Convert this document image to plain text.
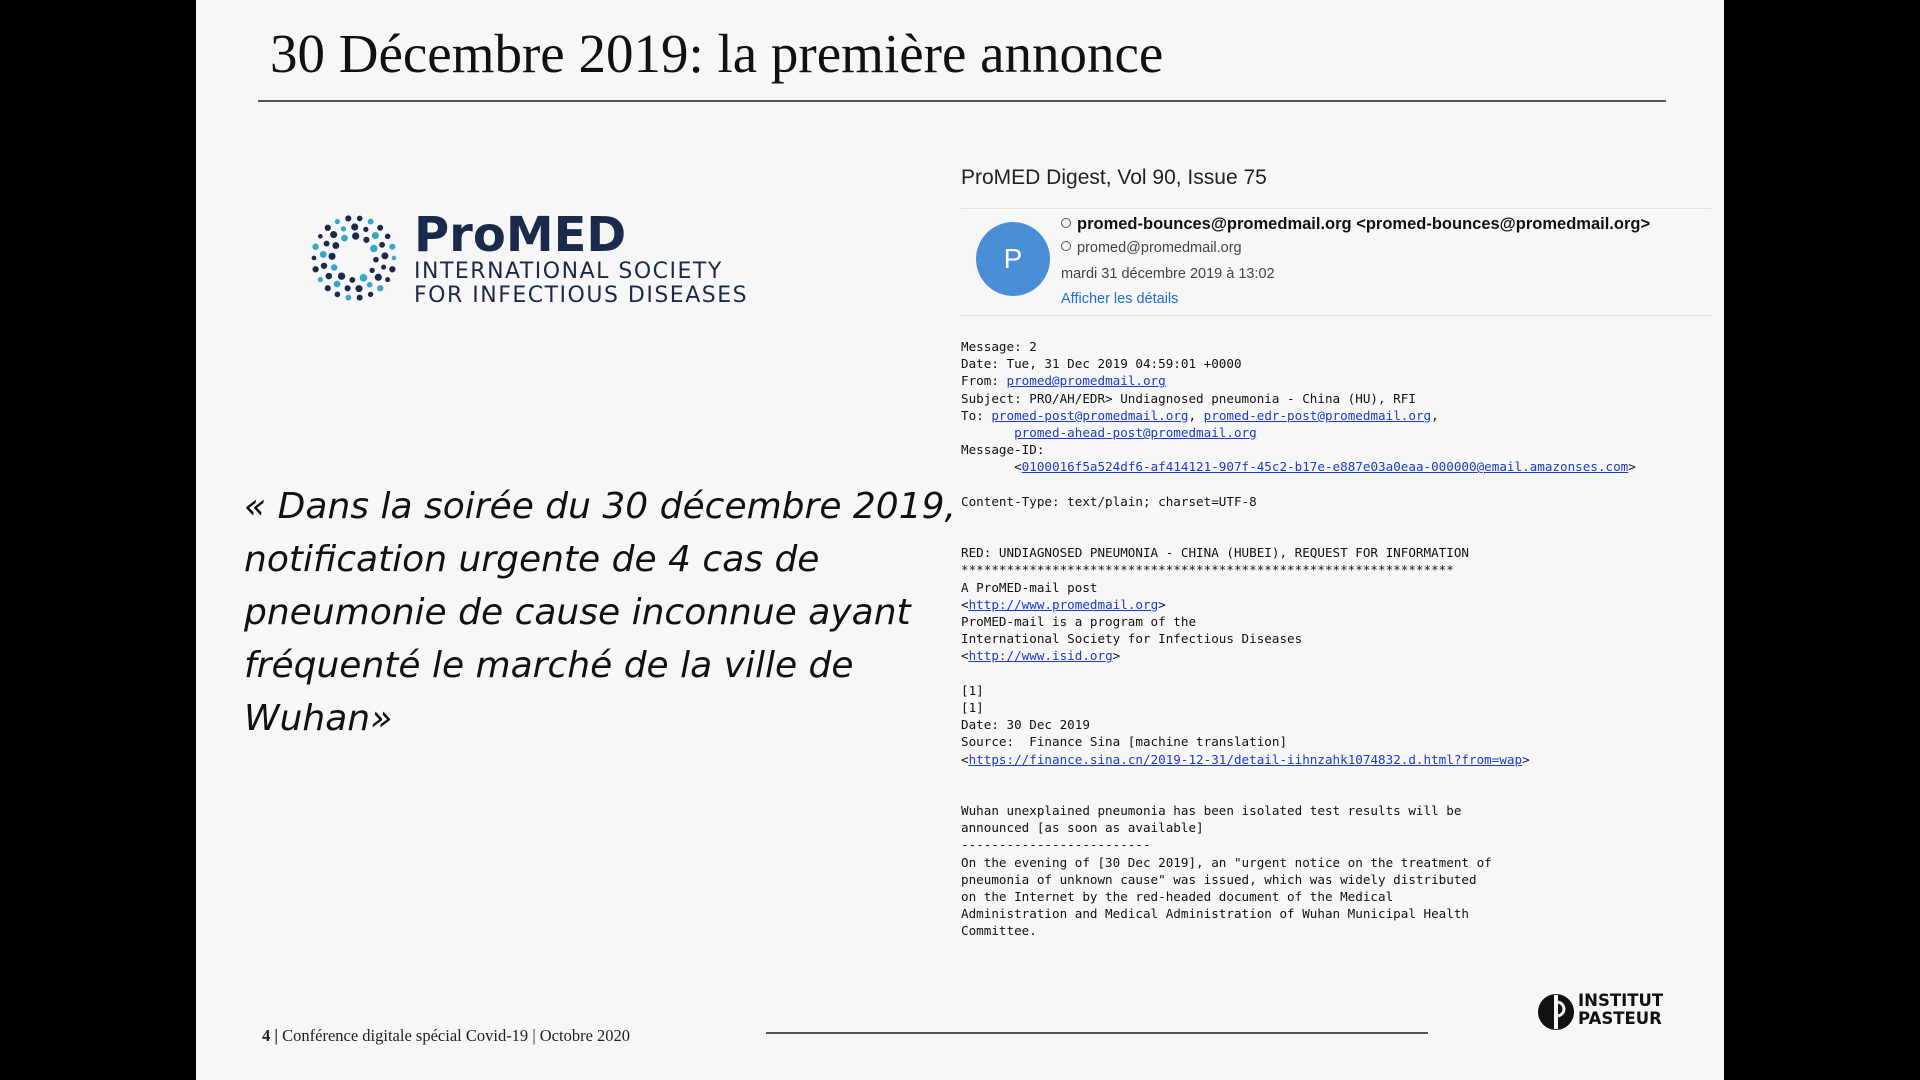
30 Décembre 2019: la première annonce
ProMED
INTERNATIONAL SOCIETY
FOR INFECTIOUS DISEASES
« Dans la soirée du 30 décembre 2019, notification urgente de 4 cas de pneumonie de cause inconnue ayant fréquenté le marché de la ville de Wuhan»
ProMED Digest, Vol 90, Issue 75
P
promed-bounces@promedmail.org <promed-bounces@promedmail.org>
promed@promedmail.org
mardi 31 décembre 2019 à 13:02
Afficher les détails
Message: 2
Date: Tue, 31 Dec 2019 04:59:01 +0000
From: promed@promedmail.org
Subject: PRO/AH/EDR> Undiagnosed pneumonia - China (HU), RFI
To: promed-post@promedmail.org, promed-edr-post@promedmail.org,
promed-ahead-post@promedmail.org
Message-ID:
<0100016f5a524df6-af414121-907f-45c2-b17e-e887e03a0eaa-000000@email.amazonses.com>
Content-Type: text/plain; charset=UTF-8
RED: UNDIAGNOSED PNEUMONIA - CHINA (HUBEI), REQUEST FOR INFORMATION
*****************************************************************
A ProMED-mail post
<http://www.promedmail.org>
ProMED-mail is a program of the
International Society for Infectious Diseases
<http://www.isid.org>
[1]
[1]
Date: 30 Dec 2019
Source:  Finance Sina [machine translation]
<https://finance.sina.cn/2019-12-31/detail-iihnzahk1074832.d.html?from=wap>
Wuhan unexplained pneumonia has been isolated test results will be
announced [as soon as available]
-------------------------
On the evening of [30 Dec 2019], an "urgent notice on the treatment of
pneumonia of unknown cause" was issued, which was widely distributed
on the Internet by the red-headed document of the Medical
Administration and Medical Administration of Wuhan Municipal Health
Committee.
4 | Conférence digitale spécial Covid-19 | Octobre 2020
INSTITUT
PASTEUR
